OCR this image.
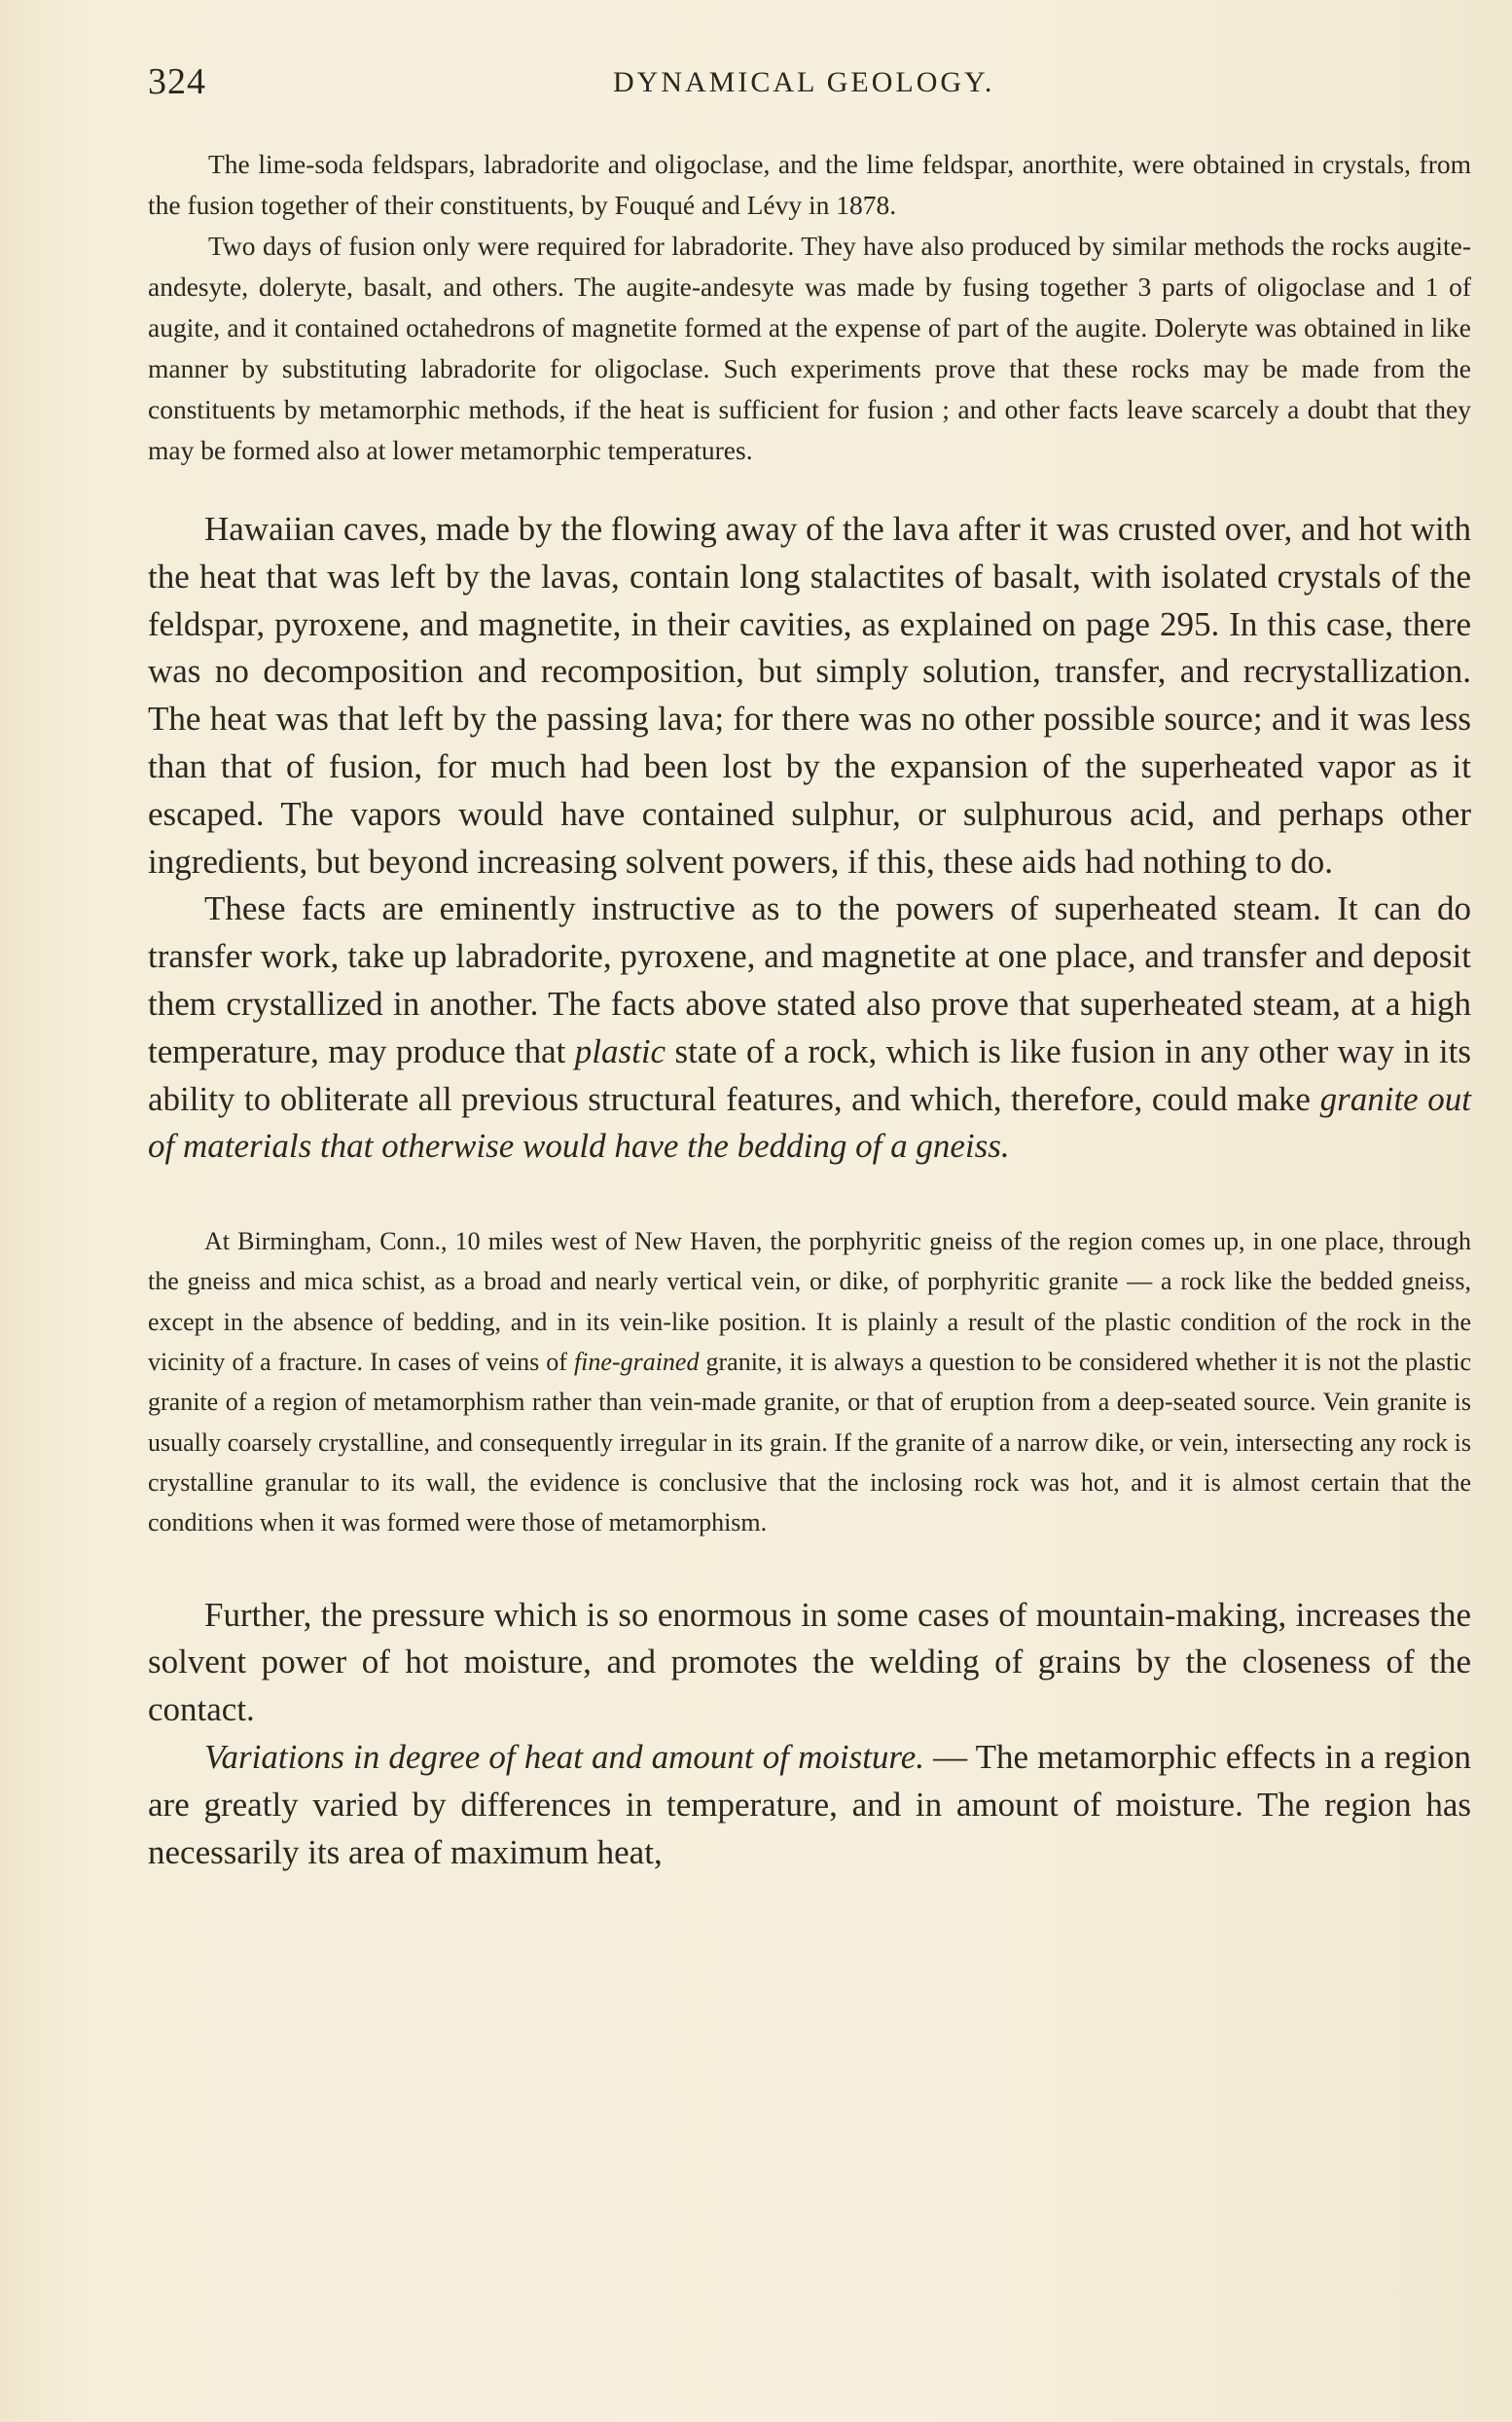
324	DYNAMICAL GEOLOGY.

The lime-soda feldspars, labradorite and oligoclase, and the lime feldspar, anorthite, were obtained in crystals, from the fusion together of their constituents, by Fouqué and Lévy in 1878.

Two days of fusion only were required for labradorite. They have also produced by similar methods the rocks augite-andesyte, doleryte, basalt, and others. The augite-andesyte was made by fusing together 3 parts of oligoclase and 1 of augite, and it contained octahedrons of magnetite formed at the expense of part of the augite. Doleryte was obtained in like manner by substituting labradorite for oligoclase. Such experiments prove that these rocks may be made from the constituents by metamorphic methods, if the heat is sufficient for fusion ; and other facts leave scarcely a doubt that they may be formed also at lower metamorphic temperatures.

Hawaiian caves, made by the flowing away of the lava after it was crusted over, and hot with the heat that was left by the lavas, contain long stalactites of basalt, with isolated crystals of the feldspar, pyroxene, and magnetite, in their cavities, as explained on page 295. In this case, there was no decomposition and recomposition, but simply solution, transfer, and recrystallization. The heat was that left by the passing lava; for there was no other possible source; and it was less than that of fusion, for much had been lost by the expansion of the superheated vapor as it escaped. The vapors would have contained sulphur, or sulphurous acid, and perhaps other ingredients, but beyond increasing solvent powers, if this, these aids had nothing to do.

These facts are eminently instructive as to the powers of superheated steam. It can do transfer work, take up labradorite, pyroxene, and magnetite at one place, and transfer and deposit them crystallized in another. The facts above stated also prove that superheated steam, at a high temperature, may produce that plastic state of a rock, which is like fusion in any other way in its ability to obliterate all previous structural features, and which, therefore, could make granite out of materials that otherwise would have the bedding of a gneiss.

At Birmingham, Conn., 10 miles west of New Haven, the porphyritic gneiss of the region comes up, in one place, through the gneiss and mica schist, as a broad and nearly vertical vein, or dike, of porphyritic granite — a rock like the bedded gneiss, except in the absence of bedding, and in its vein-like position. It is plainly a result of the plastic condition of the rock in the vicinity of a fracture. In cases of veins of fine-grained granite, it is always a question to be considered whether it is not the plastic granite of a region of metamorphism rather than vein-made granite, or that of eruption from a deep-seated source. Vein granite is usually coarsely crystalline, and consequently irregular in its grain. If the granite of a narrow dike, or vein, intersecting any rock is crystalline granular to its wall, the evidence is conclusive that the inclosing rock was hot, and it is almost certain that the conditions when it was formed were those of metamorphism.

Further, the pressure which is so enormous in some cases of mountain-making, increases the solvent power of hot moisture, and promotes the welding of grains by the closeness of the contact.

Variations in degree of heat and amount of moisture. — The metamorphic effects in a region are greatly varied by differences in temperature, and in amount of moisture. The region has necessarily its area of maximum heat,
